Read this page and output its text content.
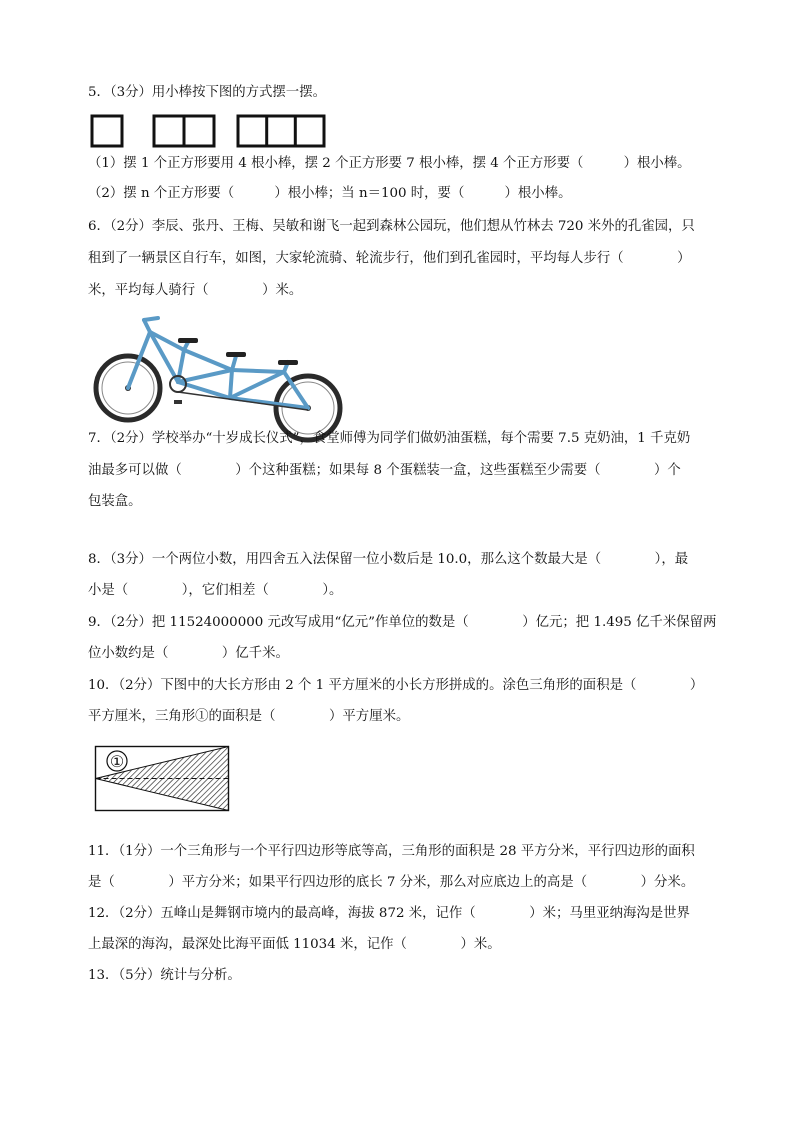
5．（3分）用小棒按下图的方式摆一摆。
（1）摆 1 个正方形要用 4 根小棒，摆 2 个正方形要 7 根小棒，摆 4 个正方形要（　　　）根小棒。
（2）摆 n 个正方形要（　　　）根小棒；当 n＝100 时，要（　　　）根小棒。
6．（2分）李辰、张丹、王梅、吴敏和谢飞一起到森林公园玩，他们想从竹林去 720 米外的孔雀园，只
租到了一辆景区自行车，如图，大家轮流骑、轮流步行，他们到孔雀园时，平均每人步行（　　　　）
米，平均每人骑行（　　　　）米。
7．（2分）学校举办“十岁成长仪式”，食堂师傅为同学们做奶油蛋糕，每个需要 7.5 克奶油，1 千克奶
油最多可以做（　　　　）个这种蛋糕；如果每 8 个蛋糕装一盒，这些蛋糕至少需要（　　　　）个
包装盒。
8．（3分）一个两位小数，用四舍五入法保留一位小数后是 10.0，那么这个数最大是（　　　　），最
小是（　　　　），它们相差（　　　　）。
9．（2分）把 11524000000 元改写成用“亿元”作单位的数是（　　　　）亿元；把 1.495 亿千米保留两
位小数约是（　　　　）亿千米。
10．（2分）下图中的大长方形由 2 个 1 平方厘米的小长方形拼成的。涂色三角形的面积是（　　　　）
平方厘米，三角形①的面积是（　　　　）平方厘米。
①
11．（1分）一个三角形与一个平行四边形等底等高，三角形的面积是 28 平方分米，平行四边形的面积
是（　　　　）平方分米；如果平行四边形的底长 7 分米，那么对应底边上的高是（　　　　）分米。
12．（2分）五峰山是舞钢市境内的最高峰，海拔 872 米，记作（　　　　）米；马里亚纳海沟是世界
上最深的海沟，最深处比海平面低 11034 米，记作（　　　　）米。
13．（5分）统计与分析。
